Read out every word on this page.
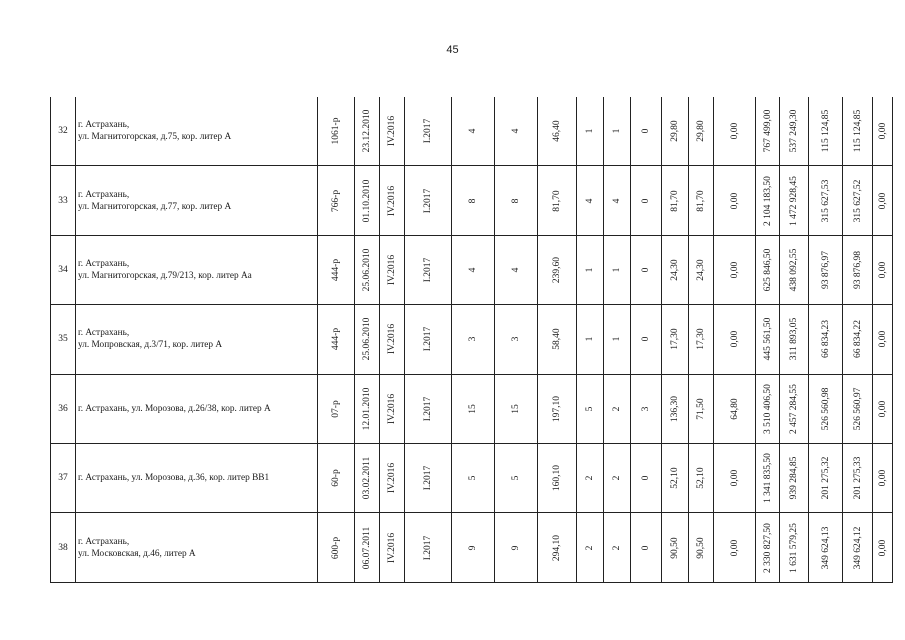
45
32	г. Астрахань,
ул. Магнитогорская, д.75, кор. литер А	1061-р	23.12.2010	IV.2016	I.2017	4	4	46,40	1	1	0	29,80	29,80	0,00	767 499,00	537 249,30	115 124,85	115 124,85	0,00

33	г. Астрахань,
ул. Магнитогорская, д.77, кор. литер А	766-р	01.10.2010	IV.2016	I.2017	8	8	81,70	4	4	0	81,70	81,70	0,00	2 104 183,50	1 472 928,45	315 627,53	315 627,52	0,00

34	г. Астрахань,
ул. Магнитогорская, д.79/213, кор. литер Аа	444-р	25.06.2010	IV.2016	I.2017	4	4	239,60	1	1	0	24,30	24,30	0,00	625 846,50	438 092,55	93 876,97	93 876,98	0,00

35	г. Астрахань,
ул. Мопровская, д.3/71, кор. литер А	444-р	25.06.2010	IV.2016	I.2017	3	3	58,40	1	1	0	17,30	17,30	0,00	445 561,50	311 893,05	66 834,23	66 834,22	0,00

36	г. Астрахань, ул. Морозова, д.26/38, кор. литер А	07-р	12.01.2010	IV.2016	I.2017	15	15	197,10	5	2	3	136,30	71,50	64,80	3 510 406,50	2 457 284,55	526 560,98	526 560,97	0,00

37	г. Астрахань, ул. Морозова, д.36, кор. литер ВВ1	60-р	03.02.2011	IV.2016	I.2017	5	5	160,10	2	2	0	52,10	52,10	0,00	1 341 835,50	939 284,85	201 275,32	201 275,33	0,00

38	г. Астрахань,
ул. Московская, д.46, литер А	600-р	06.07.2011	IV.2016	I.2017	9	9	294,10	2	2	0	90,50	90,50	0,00	2 330 827,50	1 631 579,25	349 624,13	349 624,12	0,00
